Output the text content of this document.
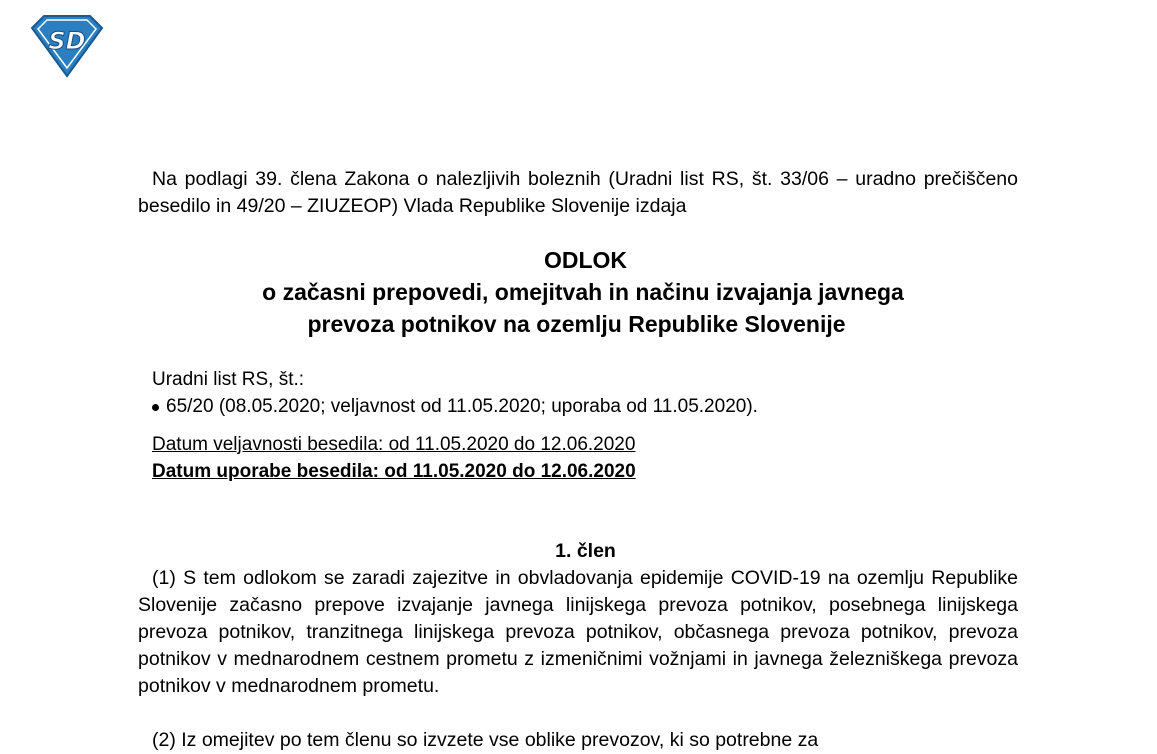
SD

Na podlagi 39. člena Zakona o nalezljivih boleznih (Uradni list RS, št. 33/06 – uradno prečiščeno besedilo in 49/20 – ZIUZEOP) Vlada Republike Slovenije izdaja

ODLOK
o začasni prepovedi, omejitvah in načinu izvajanja javnega
prevoza potnikov na ozemlju Republike Slovenije
Uradni list RS, št.:
65/20 (08.05.2020; veljavnost od 11.05.2020; uporaba od 11.05.2020).
Datum veljavnosti besedila: od 11.05.2020 do 12.06.2020
Datum uporabe besedila: od 11.05.2020 do 12.06.2020
1. člen

(1) S tem odlokom se zaradi zajezitve in obvladovanja epidemije COVID-19 na ozemlju Republike Slovenije začasno prepove izvajanje javnega linijskega prevoza potnikov, posebnega linijskega prevoza potnikov, tranzitnega linijskega prevoza potnikov, občasnega prevoza potnikov, prevoza potnikov v mednarodnem cestnem prometu z izmeničnimi vožnjami in javnega železniškega prevoza potnikov v mednarodnem prometu.

(2) Iz omejitev po tem členu so izvzete vse oblike prevozov, ki so potrebne za
